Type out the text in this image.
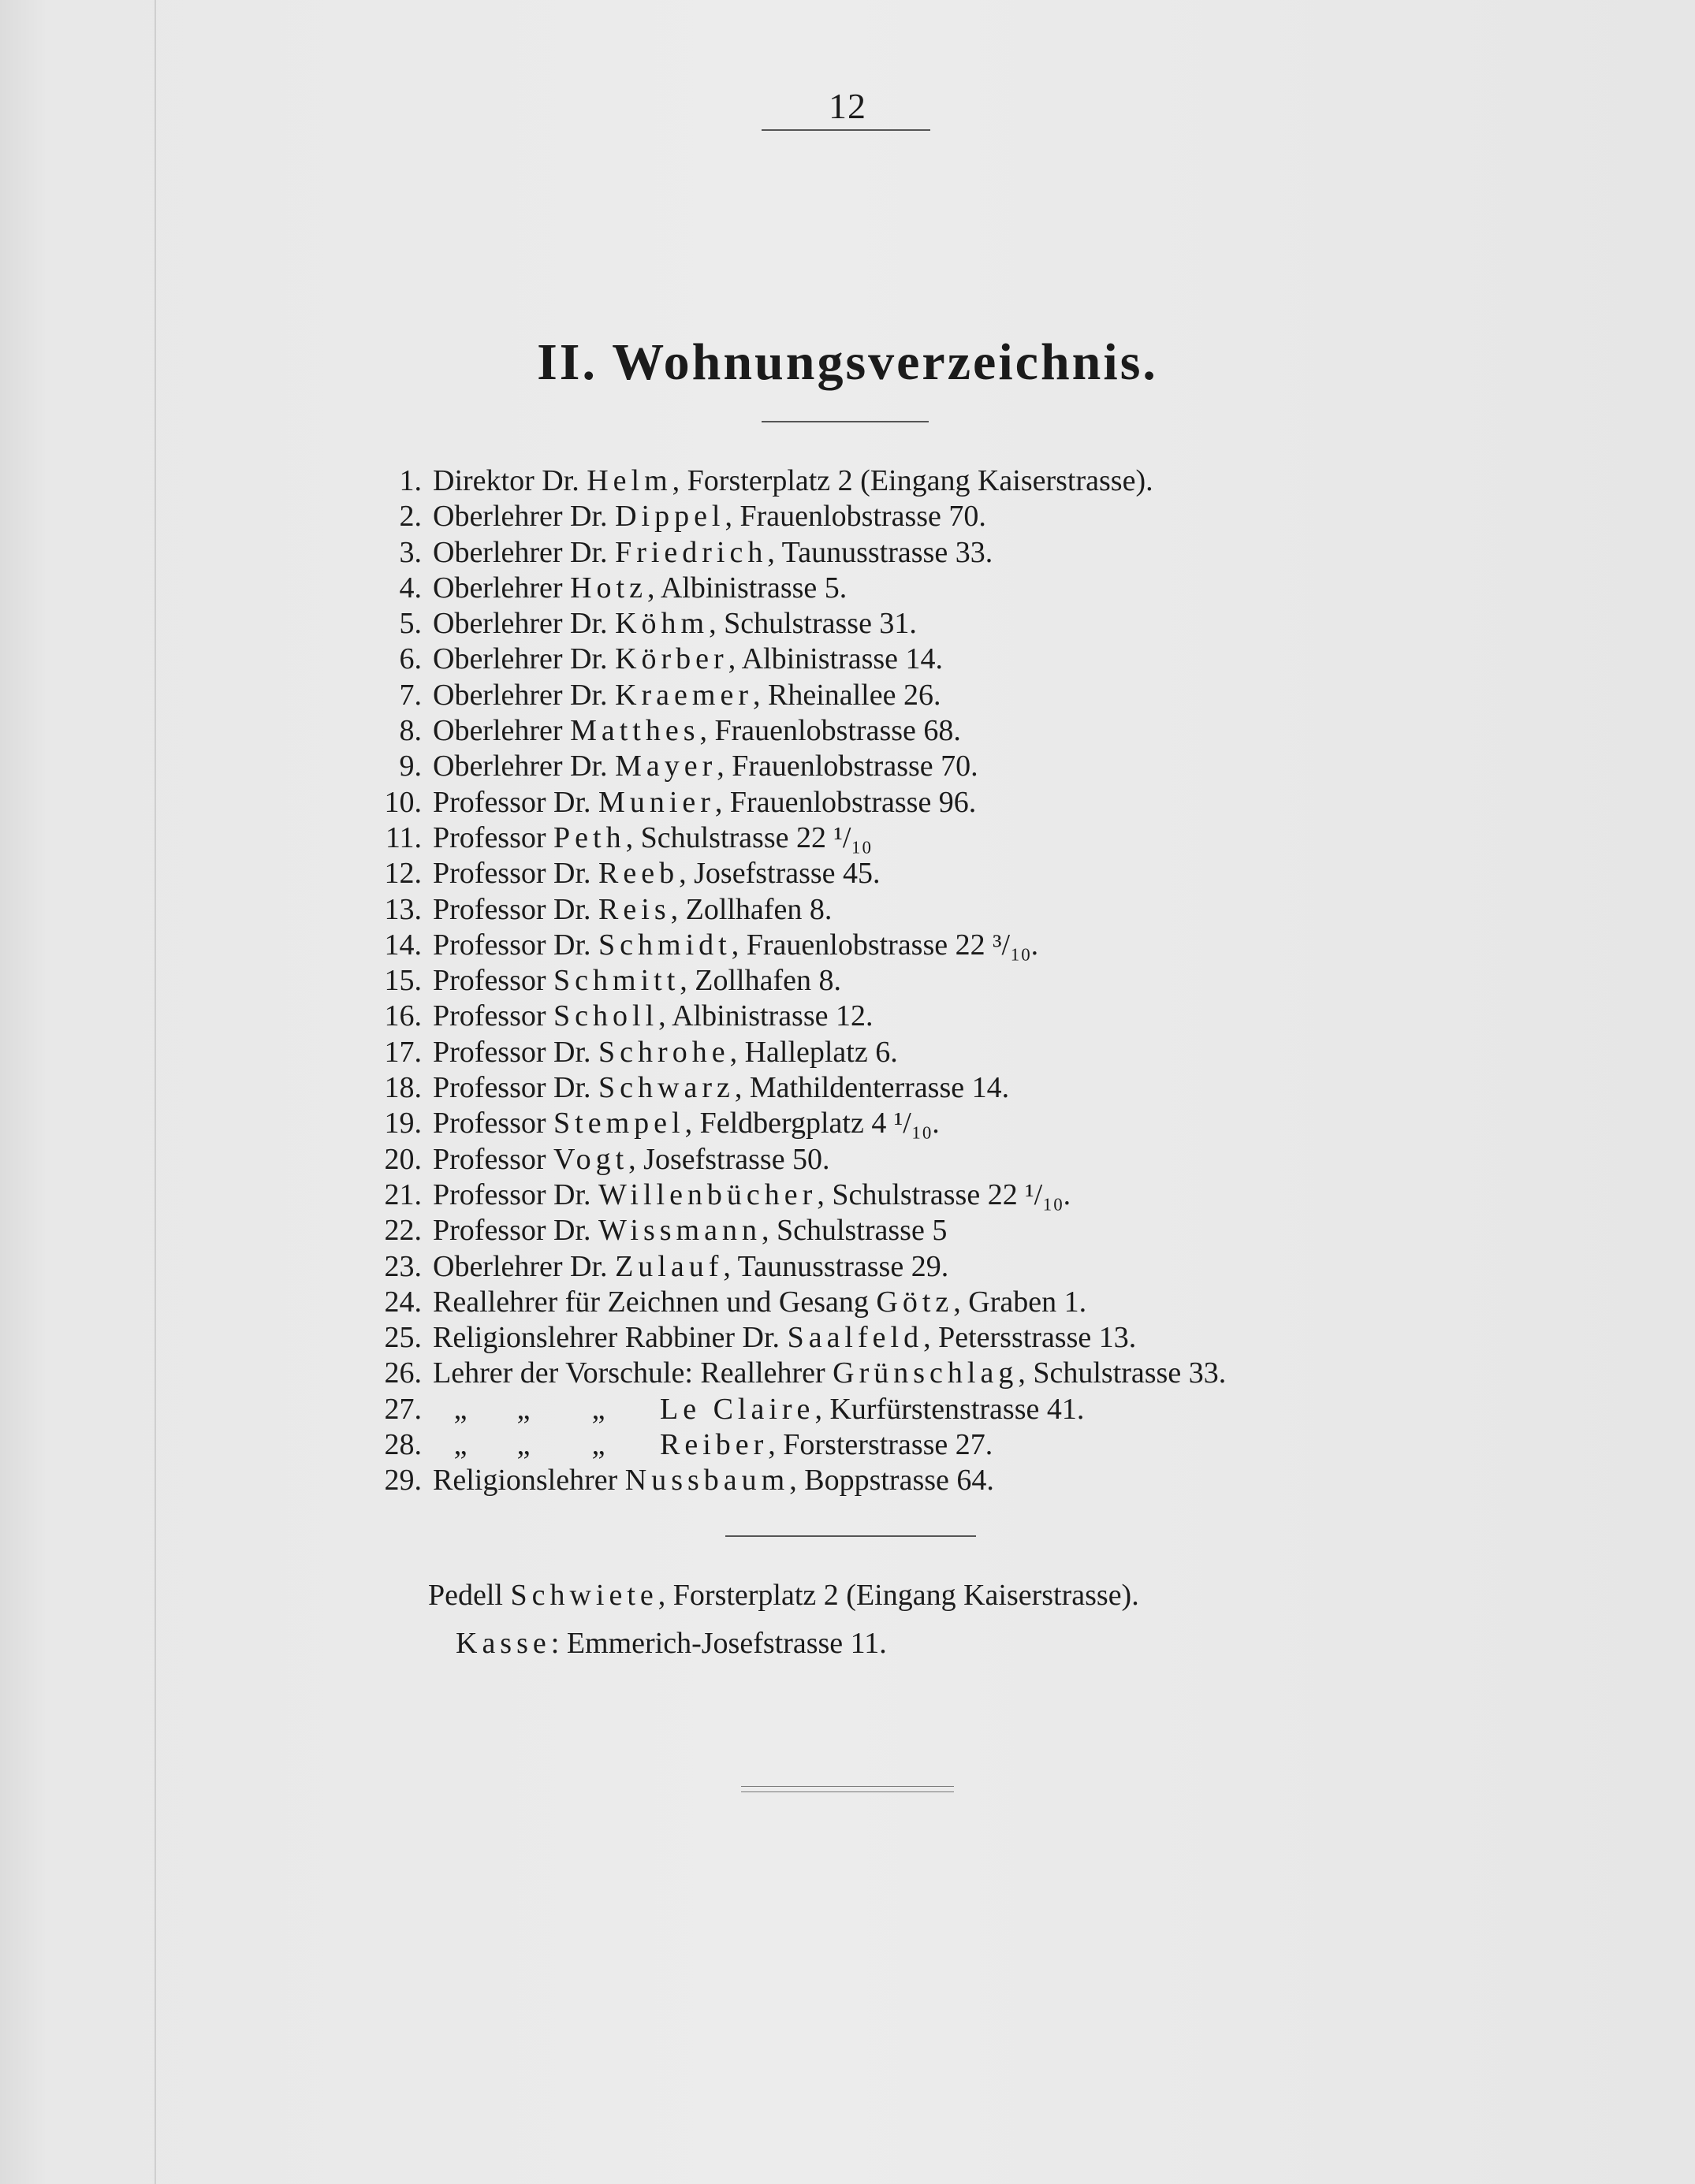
12
II. Wohnungsverzeichnis.
1. Direktor Dr. Helm, Forsterplatz 2 (Eingang Kaiserstrasse).
2. Oberlehrer Dr. Dippel, Frauenlobstrasse 70.
3. Oberlehrer Dr. Friedrich, Taunusstrasse 33.
4. Oberlehrer Hotz, Albinistrasse 5.
5. Oberlehrer Dr. Köhm, Schulstrasse 31.
6. Oberlehrer Dr. Körber, Albinistrasse 14.
7. Oberlehrer Dr. Kraemer, Rheinallee 26.
8. Oberlehrer Matthes, Frauenlobstrasse 68.
9. Oberlehrer Dr. Mayer, Frauenlobstrasse 70.
10. Professor Dr. Munier, Frauenlobstrasse 96.
11. Professor Peth, Schulstrasse 22 ¹/₁₀
12. Professor Dr. Reeb, Josefstrasse 45.
13. Professor Dr. Reis, Zollhafen 8.
14. Professor Dr. Schmidt, Frauenlobstrasse 22 ³/₁₀.
15. Professor Schmitt, Zollhafen 8.
16. Professor Scholl, Albinistrasse 12.
17. Professor Dr. Schrohe, Halleplatz 6.
18. Professor Dr. Schwarz, Mathildenterrasse 14.
19. Professor Stempel, Feldbergplatz 4 ¹/₁₀.
20. Professor Vogt, Josefstrasse 50.
21. Professor Dr. Willenbücher, Schulstrasse 22 ¹/₁₀.
22. Professor Dr. Wissmann, Schulstrasse 5
23. Oberlehrer Dr. Zulauf, Taunusstrasse 29.
24. Reallehrer für Zeichnen und Gesang Götz, Graben 1.
25. Religionslehrer Rabbiner Dr. Saalfeld, Petersstrasse 13.
26. Lehrer der Vorschule: Reallehrer Grünschlag, Schulstrasse 33.
27. „ „ „ Le Claire, Kurfürstenstrasse 41.
28. „ „ „ Reiber, Forsterstrasse 27.
29. Religionslehrer Nussbaum, Boppstrasse 64.
Pedell Schwiete, Forsterplatz 2 (Eingang Kaiserstrasse).
Kasse: Emmerich-Josefstrasse 11.
